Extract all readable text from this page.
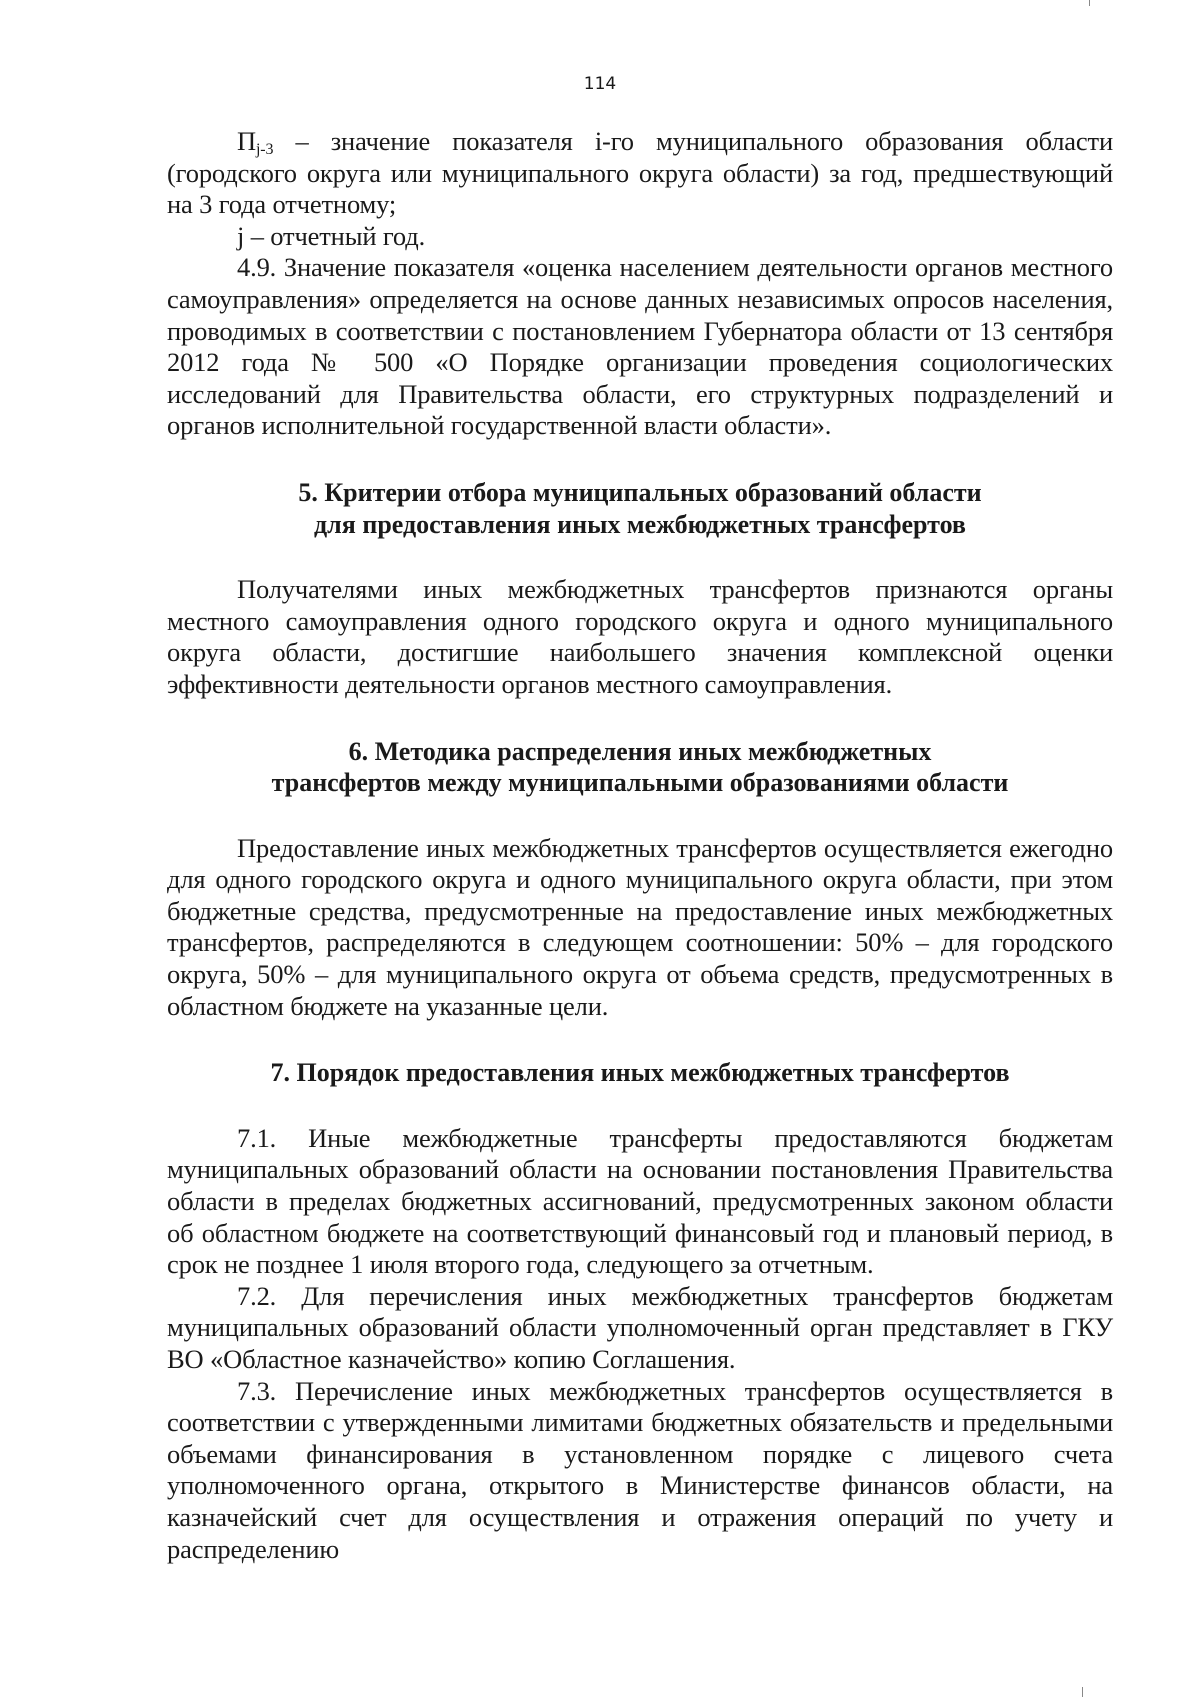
114

$П_{j-3}$ – значение показателя i-го муниципального образования области (городского округа или муниципального округа области) за год, предшествующий на 3 года отчетному;

j – отчетный год.

4.9. Значение показателя «оценка населением деятельности органов местного самоуправления» определяется на основе данных независимых опросов населения, проводимых в соответствии с постановлением Губернатора области от 13 сентября 2012 года № 500 «О Порядке организации проведения социологических исследований для Правительства области, его структурных подразделений и органов исполнительной государственной власти области».

5. Критерии отбора муниципальных образований области
для предоставления иных межбюджетных трансфертов

Получателями иных межбюджетных трансфертов признаются органы местного самоуправления одного городского округа и одного муниципального округа области, достигшие наибольшего значения комплексной оценки эффективности деятельности органов местного самоуправления.

6. Методика распределения иных межбюджетных
трансфертов между муниципальными образованиями области

Предоставление иных межбюджетных трансфертов осуществляется ежегодно для одного городского округа и одного муниципального округа области, при этом бюджетные средства, предусмотренные на предоставление иных межбюджетных трансфертов, распределяются в следующем соотношении: 50% – для городского округа, 50% – для муниципального округа от объема средств, предусмотренных в областном бюджете на указанные цели.

7. Порядок предоставления иных межбюджетных трансфертов

7.1. Иные межбюджетные трансферты предоставляются бюджетам муниципальных образований области на основании постановления Правительства области в пределах бюджетных ассигнований, предусмотренных законом области об областном бюджете на соответствующий финансовый год и плановый период, в срок не позднее 1 июля второго года, следующего за отчетным.

7.2. Для перечисления иных межбюджетных трансфертов бюджетам муниципальных образований области уполномоченный орган представляет в ГКУ ВО «Областное казначейство» копию Соглашения.

7.3. Перечисление иных межбюджетных трансфертов осуществляется в соответствии с утвержденными лимитами бюджетных обязательств и предельными объемами финансирования в установленном порядке с лицевого счета уполномоченного органа, открытого в Министерстве финансов области, на казначейский счет для осуществления и отражения операций по учету и распределению
